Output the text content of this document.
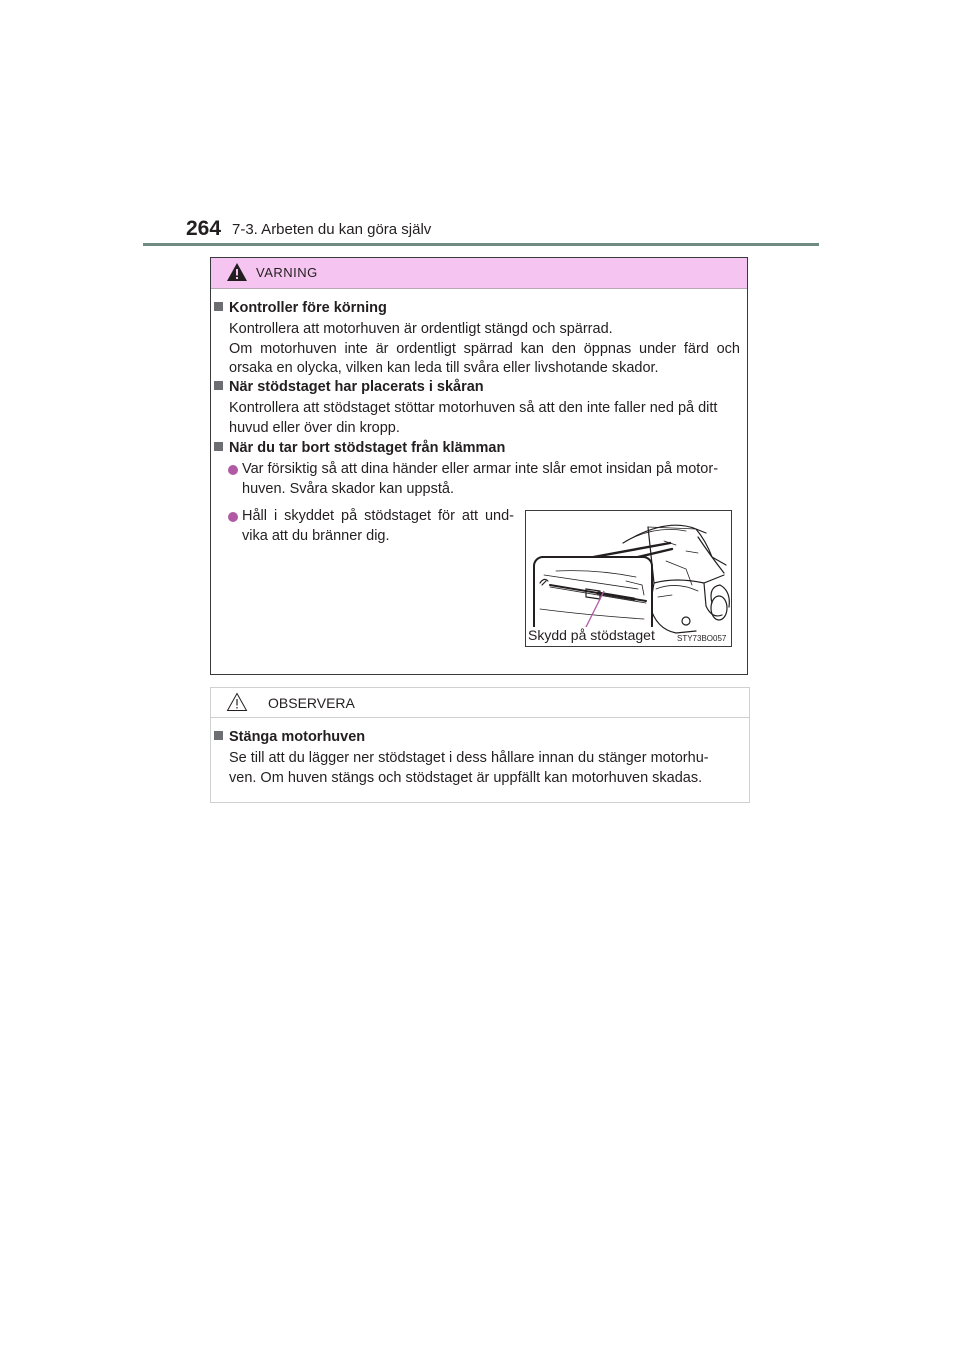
264 7-3. Arbeten du kan göra själv
VARNING
Kontroller före körning
Kontrollera att motorhuven är ordentligt stängd och spärrad.
Om motorhuven inte är ordentligt spärrad kan den öppnas under färd och
orsaka en olycka, vilken kan leda till svåra eller livshotande skador.
När stödstaget har placerats i skåran
Kontrollera att stödstaget stöttar motorhuven så att den inte faller ned på ditt
huvud eller över din kropp.
När du tar bort stödstaget från klämman
Var försiktig så att dina händer eller armar inte slår emot insidan på motor-
huven. Svåra skador kan uppstå.
Håll i skyddet på stödstaget för att und-
vika att du bränner dig.
Skydd på stödstaget	STY73BO057
OBSERVERA
Stänga motorhuven
Se till att du lägger ner stödstaget i dess hållare innan du stänger motorhu-
ven. Om huven stängs och stödstaget är uppfällt kan motorhuven skadas.
